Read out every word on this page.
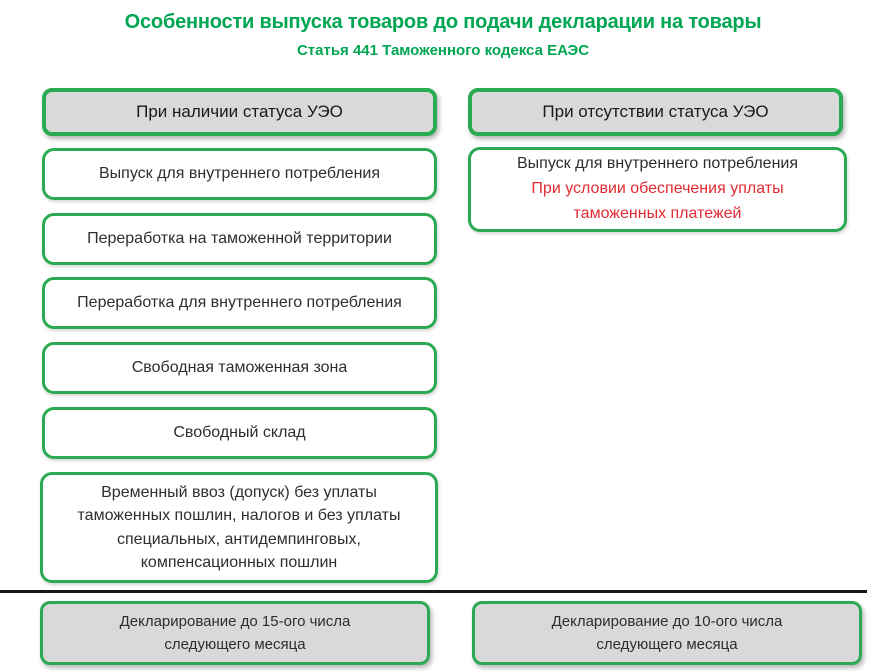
Особенности выпуска товаров до подачи декларации на товары
Статья 441 Таможенного кодекса ЕАЭС
При наличии статуса УЭО	При отсутствии статуса УЭО
Выпуск для внутреннего потребления
Переработка на таможенной территории
Переработка для внутреннего потребления
Свободная таможенная зона
Свободный склад
Временный ввоз (допуск) без уплаты таможенных пошлин, налогов и без уплаты специальных, антидемпинговых, компенсационных пошлин
Выпуск для внутреннего потребления
При условии обеспечения уплаты таможенных платежей
Декларирование до 15-ого числа следующего месяца
Декларирование до 10-ого числа следующего месяца
